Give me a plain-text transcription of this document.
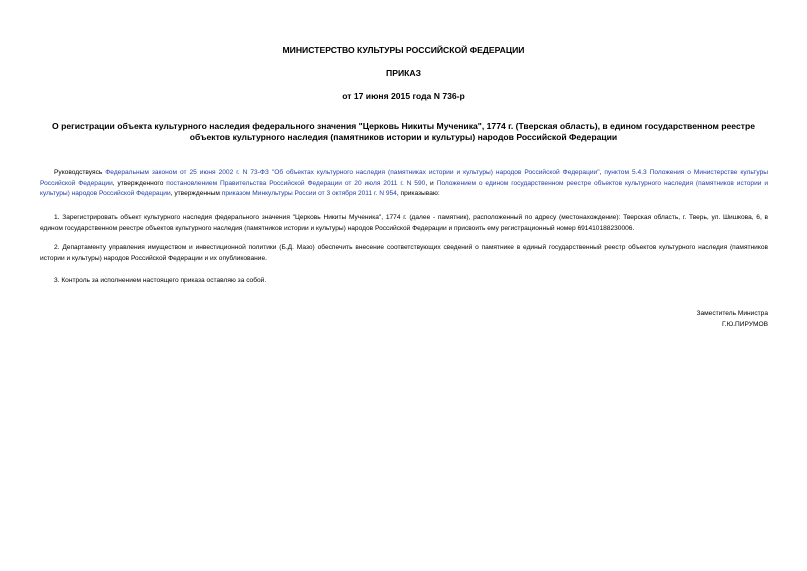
МИНИСТЕРСТВО КУЛЬТУРЫ РОССИЙСКОЙ ФЕДЕРАЦИИ
ПРИКАЗ
от 17 июня 2015 года N 736-р
О регистрации объекта культурного наследия федерального значения "Церковь Никиты Мученика", 1774 г. (Тверская область), в едином государственном реестре объектов культурного наследия (памятников истории и культуры) народов Российской Федерации

Руководствуясь Федеральным законом от 25 июня 2002 г. N 73-ФЗ "Об объектах культурного наследия (памятниках истории и культуры) народов Российской Федерации", пунктом 5.4.3 Положения о Министерстве культуры Российской Федерации, утвержденного постановлением Правительства Российской Федерации от 20 июля 2011 г. N 590, и Положением о едином государственном реестре объектов культурного наследия (памятников истории и культуры) народов Российской Федерации, утвержденным приказом Минкультуры России от 3 октября 2011 г. N 954, приказываю:

1. Зарегистрировать объект культурного наследия федерального значения "Церковь Никиты Мученика", 1774 г. (далее - памятник), расположенный по адресу (местонахождение): Тверская область, г. Тверь, ул. Шишкова, 6, в едином государственном реестре объектов культурного наследия (памятников истории и культуры) народов Российской Федерации и присвоить ему регистрационный номер 691410188230006.

2. Департаменту управления имуществом и инвестиционной политики (Б.Д. Мазо) обеспечить внесение соответствующих сведений о памятнике в единый государственный реестр объектов культурного наследия (памятников истории и культуры) народов Российской Федерации и их опубликование.

3. Контроль за исполнением настоящего приказа оставляю за собой.

Заместитель Министра
Г.Ю.ПИРУМОВ
